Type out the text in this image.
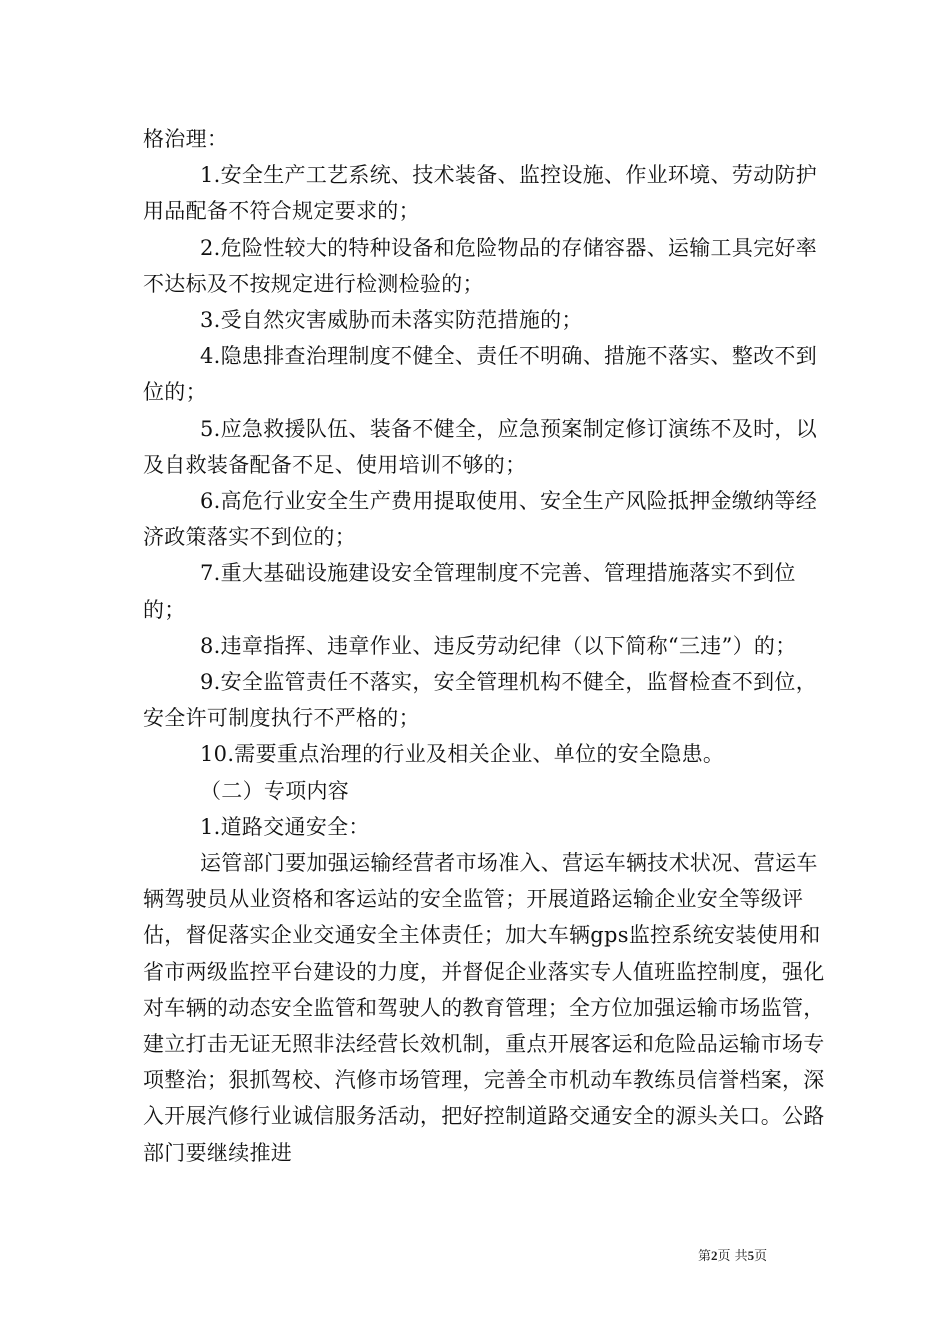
格治理：

1.安全生产工艺系统、技术装备、监控设施、作业环境、劳动防护用品配备不符合规定要求的；

2.危险性较大的特种设备和危险物品的存储容器、运输工具完好率不达标及不按规定进行检测检验的；

3.受自然灾害威胁而未落实防范措施的；

4.隐患排查治理制度不健全、责任不明确、措施不落实、整改不到位的；

5.应急救援队伍、装备不健全，应急预案制定修订演练不及时，以及自救装备配备不足、使用培训不够的；

6.高危行业安全生产费用提取使用、安全生产风险抵押金缴纳等经济政策落实不到位的；

7.重大基础设施建设安全管理制度不完善、管理措施落实不到位的；

8.违章指挥、违章作业、违反劳动纪律（以下简称“三违”）的；

9.安全监管责任不落实，安全管理机构不健全，监督检查不到位，安全许可制度执行不严格的；

10.需要重点治理的行业及相关企业、单位的安全隐患。

（二）专项内容

1.道路交通安全：

运管部门要加强运输经营者市场准入、营运车辆技术状况、营运车辆驾驶员从业资格和客运站的安全监管；开展道路运输企业安全等级评估，督促落实企业交通安全主体责任；加大车辆gps监控系统安装使用和省市两级监控平台建设的力度，并督促企业落实专人值班监控制度，强化对车辆的动态安全监管和驾驶人的教育管理；全方位加强运输市场监管，建立打击无证无照非法经营长效机制，重点开展客运和危险品运输市场专项整治；狠抓驾校、汽修市场管理，完善全市机动车教练员信誉档案，深入开展汽修行业诚信服务活动，把好控制道路交通安全的源头关口。公路部门要继续推进

第2页 共5页
